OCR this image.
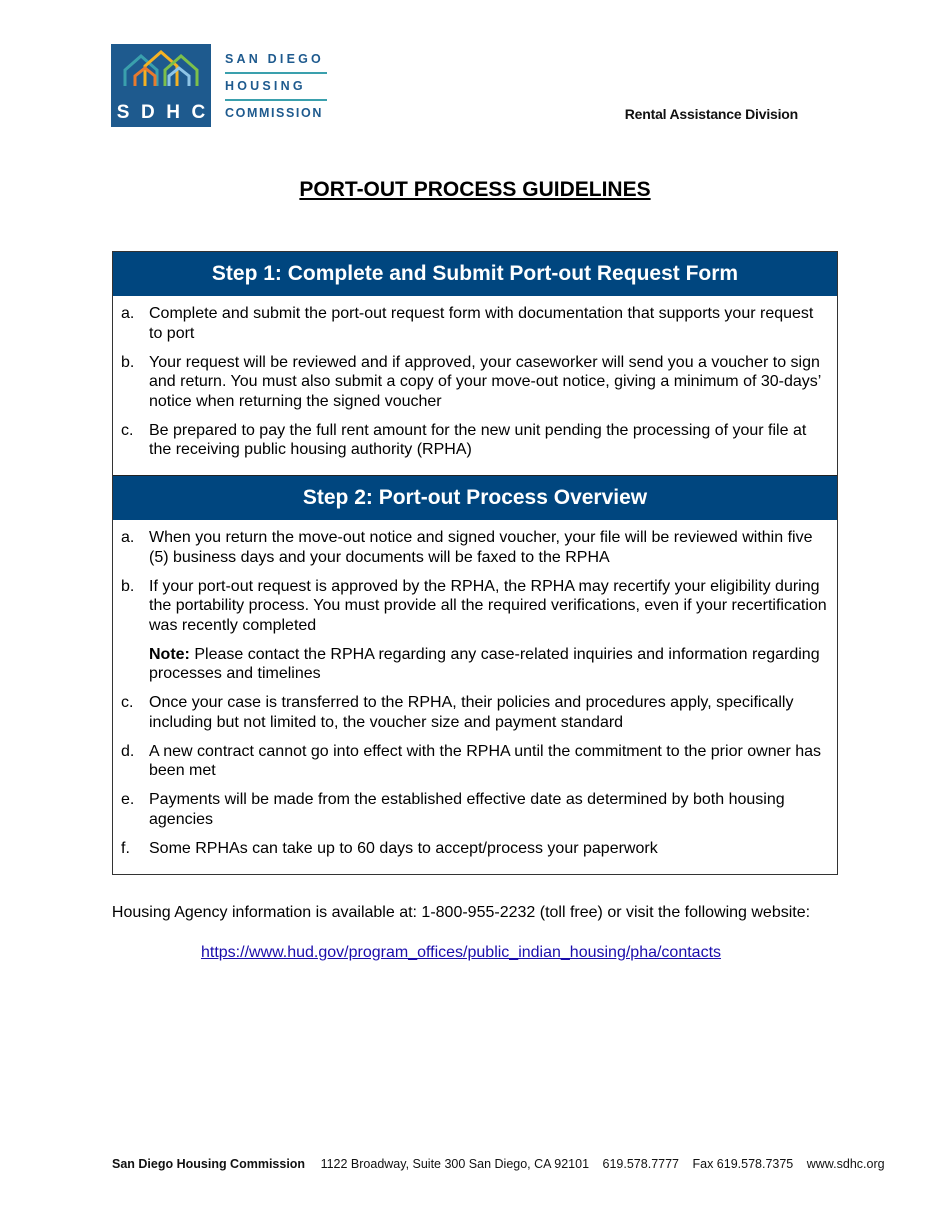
S D H C
SAN DIEGO
HOUSING
COMMISSION	Rental Assistance Division
PORT-OUT PROCESS GUIDELINES
Step 1: Complete and Submit Port-out Request Form
a. Complete and submit the port-out request form with documentation that supports your request to port
b. Your request will be reviewed and if approved, your caseworker will send you a voucher to sign and return. You must also submit a copy of your move-out notice, giving a minimum of 30-days’ notice when returning the signed voucher
c. Be prepared to pay the full rent amount for the new unit pending the processing of your file at the receiving public housing authority (RPHA)
Step 2: Port-out Process Overview
a. When you return the move-out notice and signed voucher, your file will be reviewed within five (5) business days and your documents will be faxed to the RPHA
b. If your port-out request is approved by the RPHA, the RPHA may recertify your eligibility during the portability process. You must provide all the required verifications, even if your recertification was recently completed
Note: Please contact the RPHA regarding any case-related inquiries and information regarding processes and timelines
c. Once your case is transferred to the RPHA, their policies and procedures apply, specifically including but not limited to, the voucher size and payment standard
d. A new contract cannot go into effect with the RPHA until the commitment to the prior owner has been met
e. Payments will be made from the established effective date as determined by both housing agencies
f.	Some RPHAs can take up to 60 days to accept/process your paperwork
Housing Agency information is available at: 1-800-955-2232 (toll free) or visit the following website:
https://www.hud.gov/program_offices/public_indian_housing/pha/contacts
San Diego Housing Commission 1122 Broadway, Suite 300 San Diego, CA 92101 619.578.7777 Fax 619.578.7375 www.sdhc.org
